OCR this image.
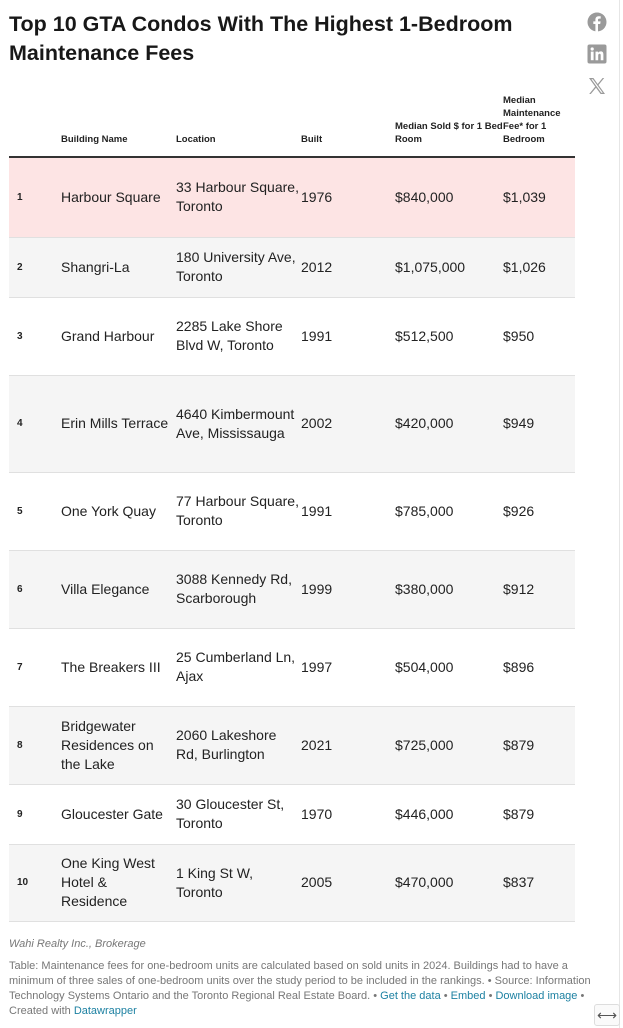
Top 10 GTA Condos With The Highest 1-Bedroom Maintenance Fees
	Building Name	Location	Built	Median Sold $ for 1 Bed Room	Median Maintenance Fee* for 1 Bedroom
1	Harbour Square	33 Harbour Square, Toronto	1976	$840,000	$1,039
2	Shangri-La	180 University Ave, Toronto	2012	$1,075,000	$1,026
3	Grand Harbour	2285 Lake Shore Blvd W, Toronto	1991	$512,500	$950
4	Erin Mills Terrace	4640 Kimbermount Ave, Mississauga	2002	$420,000	$949
5	One York Quay	77 Harbour Square, Toronto	1991	$785,000	$926
6	Villa Elegance	3088 Kennedy Rd, Scarborough	1999	$380,000	$912
7	The Breakers III	25 Cumberland Ln, Ajax	1997	$504,000	$896
8	Bridgewater Residences on the Lake	2060 Lakeshore Rd, Burlington	2021	$725,000	$879
9	Gloucester Gate	30 Gloucester St, Toronto	1970	$446,000	$879
10	One King West Hotel & Residence	1 King St W, Toronto	2005	$470,000	$837
Wahi Realty Inc., Brokerage
Table: Maintenance fees for one-bedroom units are calculated based on sold units in 2024. Buildings had to have a minimum of three sales of one-bedroom units over the study period to be included in the rankings. • Source: Information Technology Systems Ontario and the Toronto Regional Real Estate Board. • Get the data • Embed • Download image • Created with Datawrapper	⟷
